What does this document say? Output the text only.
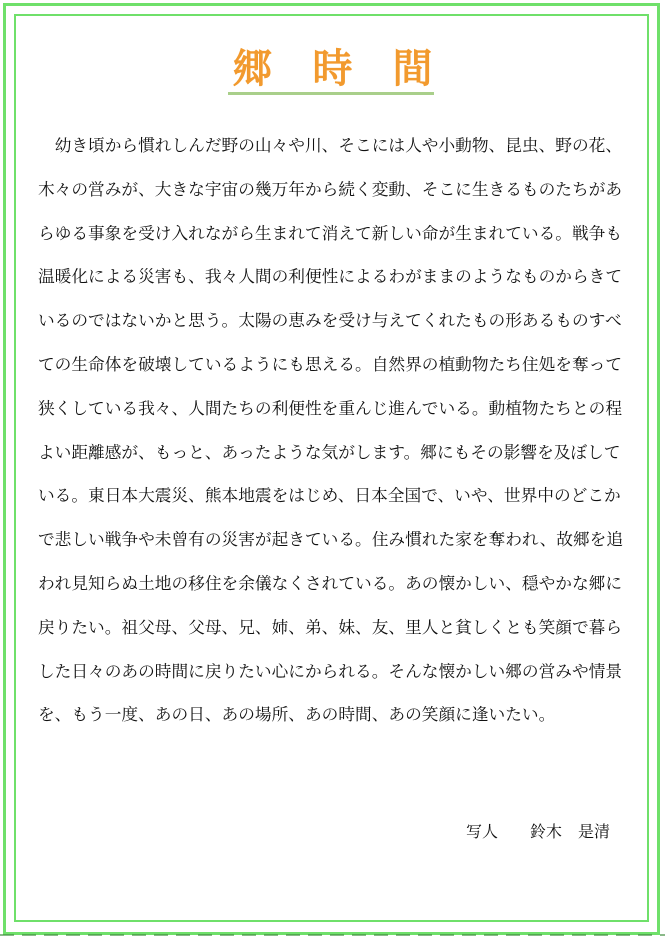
郷時間

幼き頃から慣れしんだ野の山々や川、そこには人や小動物、昆虫、野の花、木々の営みが、大きな宇宙の幾万年から続く変動、そこに生きるものたちがあらゆる事象を受け入れながら生まれて消えて新しい命が生まれている。戦争も温暖化による災害も、我々人間の利便性によるわがままのようなものからきているのではないかと思う。太陽の恵みを受け与えてくれたもの形あるものすべての生命体を破壊しているようにも思える。自然界の植動物たち住処を奪って狭くしている我々、人間たちの利便性を重んじ進んでいる。動植物たちとの程よい距離感が、もっと、あったような気がします。郷にもその影響を及ぼしている。東日本大震災、熊本地震をはじめ、日本全国で、いや、世界中のどこかで悲しい戦争や未曾有の災害が起きている。住み慣れた家を奪われ、故郷を追われ見知らぬ土地の移住を余儀なくされている。あの懐かしい、穏やかな郷に戻りたい。祖父母、父母、兄、姉、弟、妹、友、里人と貧しくとも笑顔で暮らした日々のあの時間に戻りたい心にかられる。そんな懐かしい郷の営みや情景を、もう一度、あの日、あの場所、あの時間、あの笑顔に逢いたい。

写人　　鈴木　是清
